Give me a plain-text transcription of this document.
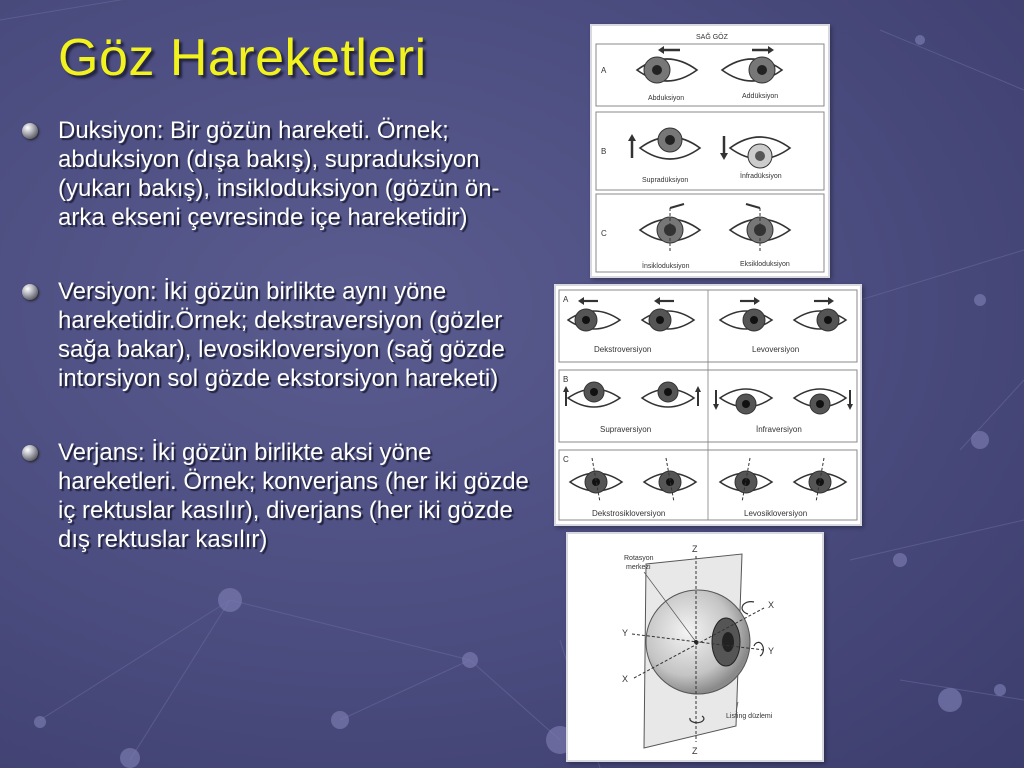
Göz Hareketleri
Duksiyon: Bir gözün hareketi. Örnek; abduksiyon (dışa bakış), supraduksiyon (yukarı bakış), insikloduksiyon (gözün ön-arka ekseni çevresinde içe hareketidir)
Versiyon: İki gözün birlikte aynı yöne hareketidir.Örnek; dekstraversiyon (gözler sağa bakar), levosikloversiyon (sağ gözde intorsiyon sol gözde ekstorsiyon hareketi)
Verjans: İki gözün birlikte aksi yöne hareketleri. Örnek; konverjans (her iki gözde iç rektuslar kasılır), diverjans (her iki gözde dış rektuslar kasılır)
SAĞ GÖZ
A
Abduksiyon	Addüksiyon
B
Supradüksiyon
İnfradüksiyon
C
İnsikloduksiyon	Eksikloduksiyon
A
Dekstroversiyon	Levoversiyon
B
Supraversiyon	İnfraversiyon
C
Dekstrosikloversiyon	Levosikloversiyon
Z
Z
Y
Y
X
X
Rotasyon
merkezi
Listing düzlemi
